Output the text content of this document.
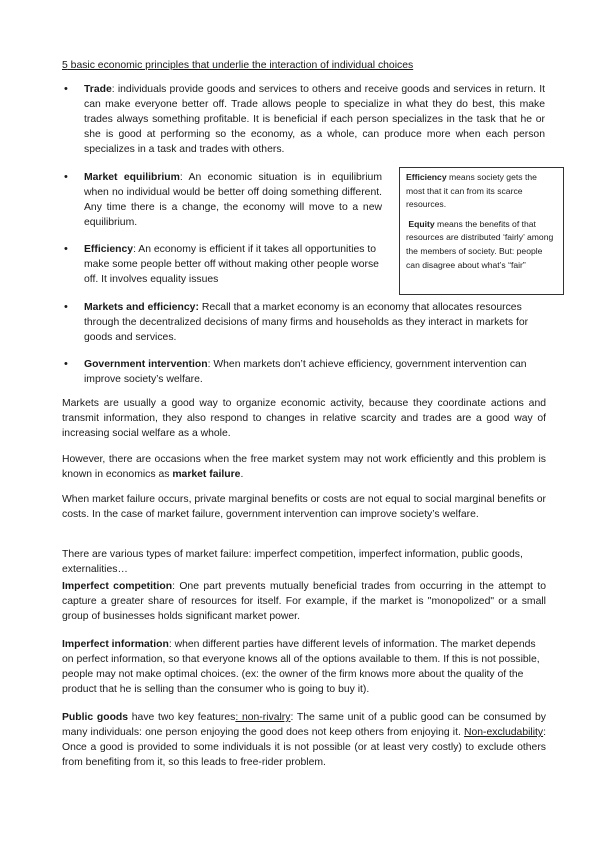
5 basic economic principles that underlie the interaction of individual choices
• Trade: individuals provide goods and services to others and receive goods and services in return. It can make everyone better off. Trade allows people to specialize in what they do best, this make trades always something profitable. It is beneficial if each person specializes in the task that he or she is good at performing so the economy, as a whole, can produce more when each person specializes in a task and trades with others.

• Market equilibrium: An economic situation is in equilibrium when no individual would be better off doing something different. Any time there is a change, the economy will move to a new equilibrium.

• Efficiency: An economy is efficient if it takes all opportunities to make some people better off without making other people worse off. It involves equality issues

Efficiency means society gets the most that it can from its scarce resources.

Equity means the benefits of that resources are distributed ‘fairly’ among the members of society. But: people can disagree about what’s “fair”

• Markets and efficiency: Recall that a market economy is an economy that allocates resources through the decentralized decisions of many firms and households as they interact in markets for goods and services.

• Government intervention: When markets don’t achieve efficiency, government intervention can improve society’s welfare.

Markets are usually a good way to organize economic activity, because they coordinate actions and transmit information, they also respond to changes in relative scarcity and trades are a good way of increasing social welfare as a whole.

However, there are occasions when the free market system may not work efficiently and this problem is known in economics as market failure.

When market failure occurs, private marginal benefits or costs are not equal to social marginal benefits or costs. In the case of market failure, government intervention can improve society’s welfare.

There are various types of market failure: imperfect competition, imperfect information, public goods, externalities…

Imperfect competition: One part prevents mutually beneficial trades from occurring in the attempt to capture a greater share of resources for itself. For example, if the market is "monopolized" or a small group of businesses holds significant market power.

Imperfect information: when different parties have different levels of information. The market depends on perfect information, so that everyone knows all of the options available to them. If this is not possible, people may not make optimal choices. (ex: the owner of the firm knows more about the quality of the product that he is selling than the consumer who is going to buy it).

Public goods have two key features: non-rivalry: The same unit of a public good can be consumed by many individuals: one person enjoying the good does not keep others from enjoying it. Non-excludability: Once a good is provided to some individuals it is not possible (or at least very costly) to exclude others from benefiting from it, so this leads to free-rider problem.
